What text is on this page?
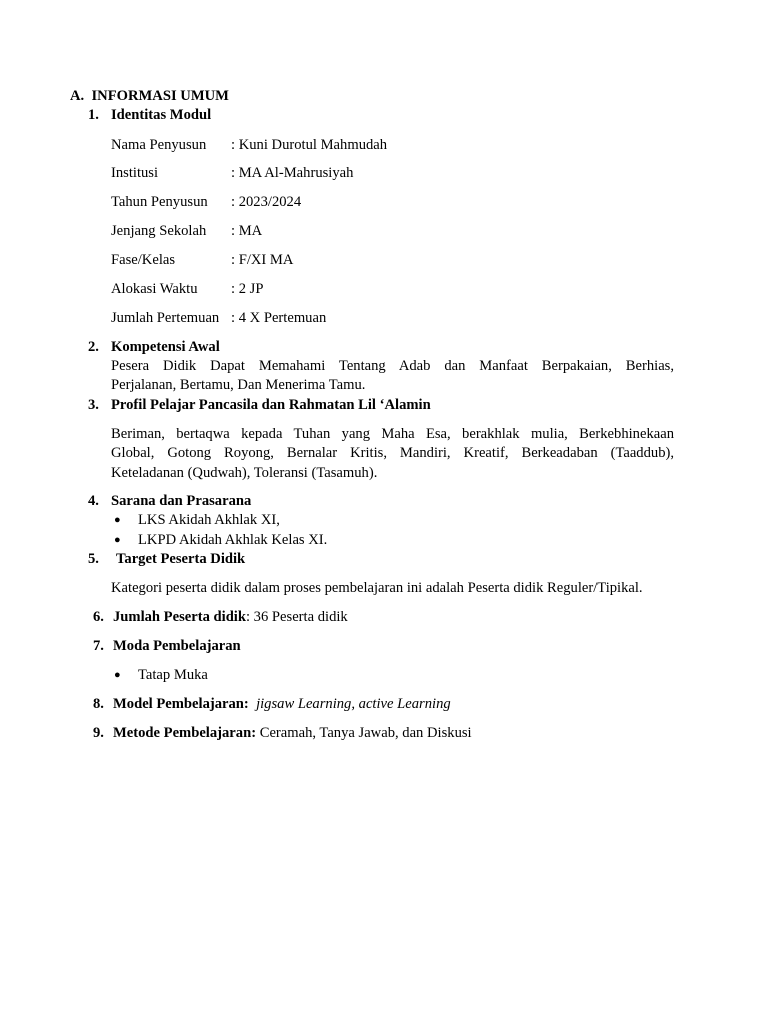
A. INFORMASI UMUM
1. Identitas Modul
Nama Penyusun : Kuni Durotul Mahmudah
Institusi	: MA Al-Mahrusiyah
Tahun Penyusun : 2023/2024
Jenjang Sekolah : MA
Fase/Kelas	: F/XI MA
Alokasi Waktu : 2 JP
Jumlah Pertemuan : 4 X Pertemuan
2. Kompetensi Awal
Pesera Didik Dapat Memahami Tentang Adab dan Manfaat Berpakaian, Berhias,
Perjalanan, Bertamu, Dan Menerima Tamu.
3. Profil Pelajar Pancasila dan Rahmatan Lil ‘Alamin
Beriman, bertaqwa kepada Tuhan yang Maha Esa, berakhlak mulia, Berkebhinekaan
Global, Gotong Royong, Bernalar Kritis, Mandiri, Kreatif, Berkeadaban (Taaddub),
Keteladanan (Qudwah), Toleransi (Tasamuh).
4. Sarana dan Prasarana
● LKS Akidah Akhlak XI,
● LKPD Akidah Akhlak Kelas XI.
5. Target Peserta Didik
Kategori peserta didik dalam proses pembelajaran ini adalah Peserta didik Reguler/Tipikal.
6. Jumlah Peserta didik: 36 Peserta didik
7. Moda Pembelajaran
● Tatap Muka
8. Model Pembelajaran: jigsaw Learning, active Learning
9. Metode Pembelajaran: Ceramah, Tanya Jawab, dan Diskusi
